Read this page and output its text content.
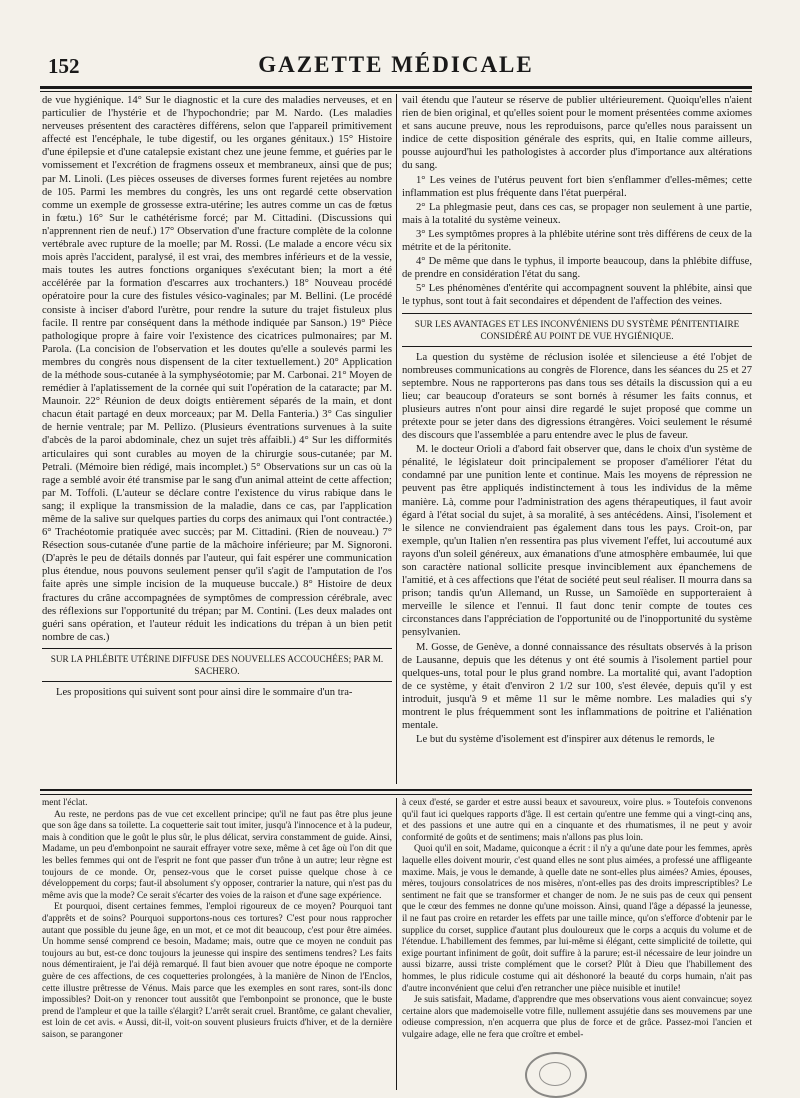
152	GAZETTE MÉDICALE

de vue hygiénique. 14° Sur le diagnostic et la cure des maladies nerveuses, et en particulier de l'hystérie et de l'hypochondrie; par M. Nardo. (Les maladies nerveuses présentent des caractères différens, selon que l'appareil primitivement affecté est l'encéphale, le tube digestif, ou les organes génitaux.) 15° Histoire d'une épilepsie et d'une catalepsie existant chez une jeune femme, et guéries par le vomissement et l'excrétion de fragmens osseux et membraneux, ainsi que de pus; par M. Linoli. (Les pièces osseuses de diverses formes furent rejetées au nombre de 105. Parmi les membres du congrès, les uns ont regardé cette observation comme un exemple de grossesse extra-utérine; les autres comme un cas de fœtus in fœtu.) 16° Sur le cathétérisme forcé; par M. Cittadini. (Discussions qui n'apprennent rien de neuf.) 17° Observation d'une fracture complète de la colonne vertébrale avec rupture de la moelle; par M. Rossi. (Le malade a encore vécu six mois après l'accident, paralysé, il est vrai, des membres inférieurs et de la vessie, mais toutes les autres fonctions organiques s'exécutant bien; la mort a été accélérée par la formation d'escarres aux trochanters.) 18° Nouveau procédé opératoire pour la cure des fistules vésico-vaginales; par M. Bellini. (Le procédé consiste à inciser d'abord l'urètre, pour rendre la suture du trajet fistuleux plus facile. Il rentre par conséquent dans la méthode indiquée par Sanson.) 19° Pièce pathologique propre à faire voir l'existence des cicatrices pulmonaires; par M. Parola. (La concision de l'observation et les doutes qu'elle a soulevés parmi les membres du congrès nous dispensent de la citer textuellement.) 20° Application de la méthode sous-cutanée à la symphyséotomie; par M. Carbonai. 21° Moyen de remédier à l'aplatissement de la cornée qui suit l'opération de la cataracte; par M. Maunoir. 22° Réunion de deux doigts entièrement séparés de la main, et dont chacun était partagé en deux morceaux; par M. Della Fanteria.) 3° Cas singulier de hernie ventrale; par M. Pellizo. (Plusieurs éventrations survenues à la suite d'abcès de la paroi abdominale, chez un sujet très affaibli.) 4° Sur les difformités articulaires qui sont curables au moyen de la chirurgie sous-cutanée; par M. Petrali. (Mémoire bien rédigé, mais incomplet.) 5° Observations sur un cas où la rage a semblé avoir été transmise par le sang d'un animal atteint de cette affection; par M. Toffoli. (L'auteur se déclare contre l'existence du virus rabique dans le sang; il explique la transmission de la maladie, dans ce cas, par l'application même de la salive sur quelques parties du corps des animaux qui l'ont contractée.) 6° Trachéotomie pratiquée avec succès; par M. Cittadini. (Rien de nouveau.) 7° Résection sous-cutanée d'une partie de la mâchoire inférieure; par M. Signoroni. (D'après le peu de détails donnés par l'auteur, qui fait espérer une communication plus étendue, nous pouvons seulement penser qu'il s'agit de l'amputation de l'os faite après une simple incision de la muqueuse buccale.) 8° Histoire de deux fractures du crâne accompagnées de symptômes de compression cérébrale, avec des réflexions sur l'opportunité du trépan; par M. Contini. (Les deux malades ont guéri sans opération, et l'auteur réduit les indications du trépan à un bien petit nombre de cas.)

SUR LA PHLÉBITE UTÉRINE DIFFUSE DES NOUVELLES ACCOUCHÉES; PAR M. SACHERO.

Les propositions qui suivent sont pour ainsi dire le sommaire d'un tra-

vail étendu que l'auteur se réserve de publier ultérieurement. Quoiqu'elles n'aient rien de bien original, et qu'elles soient pour le moment présentées comme axiomes et sans aucune preuve, nous les reproduisons, parce qu'elles nous paraissent un indice de cette disposition générale des esprits, qui, en Italie comme ailleurs, pousse aujourd'hui les pathologistes à accorder plus d'importance aux altérations du sang.

1° Les veines de l'utérus peuvent fort bien s'enflammer d'elles-mêmes; cette inflammation est plus fréquente dans l'état puerpéral.

2° La phlegmasie peut, dans ces cas, se propager non seulement à une partie, mais à la totalité du système veineux.

3° Les symptômes propres à la phlébite utérine sont très différens de ceux de la métrite et de la péritonite.

4° De même que dans le typhus, il importe beaucoup, dans la phlébite diffuse, de prendre en considération l'état du sang.

5° Les phénomènes d'entérite qui accompagnent souvent la phlébite, ainsi que le typhus, sont tout à fait secondaires et dépendent de l'affection des veines.

SUR LES AVANTAGES ET LES INCONVÉNIENS DU SYSTÈME PÉNITENTIAIRE CONSIDÉRÉ AU POINT DE VUE HYGIÉNIQUE.

La question du système de réclusion isolée et silencieuse a été l'objet de nombreuses communications au congrès de Florence, dans les séances du 25 et 27 septembre. Nous ne rapporterons pas dans tous ses détails la discussion qui a eu lieu; car beaucoup d'orateurs se sont bornés à résumer les faits connus, et plusieurs autres n'ont pour ainsi dire regardé le sujet proposé que comme un prétexte pour se jeter dans des digressions étrangères. Voici seulement le résumé des discours que l'assemblée a paru entendre avec le plus de faveur.

M. le docteur Orioli a d'abord fait observer que, dans le choix d'un système de pénalité, le législateur doit principalement se proposer d'améliorer l'état du condamné par une punition lente et continue. Mais les moyens de répression ne peuvent pas être appliqués indistinctement à tous les individus de la même manière. Là, comme pour l'administration des agens thérapeutiques, il faut avoir égard à l'état social du sujet, à sa moralité, à ses antécédens. Ainsi, l'isolement et le silence ne conviendraient pas également dans tous les pays. Croit-on, par exemple, qu'un Italien n'en ressentira pas plus vivement l'effet, lui accoutumé aux rayons d'un soleil généreux, aux émanations d'une atmosphère embaumée, lui que son caractère national sollicite presque invinciblement aux épanchemens de l'amitié, et à ces affections que l'état de société peut seul réaliser. Il mourra dans sa prison; tandis qu'un Allemand, un Russe, un Samoïède en supporteraient à merveille le silence et l'ennui. Il faut donc tenir compte de toutes ces circonstances dans l'appréciation de l'opportunité ou de l'inopportunité du système pensylvanien.

M. Gosse, de Genève, a donné connaissance des résultats observés à la prison de Lausanne, depuis que les détenus y ont été soumis à l'isolement partiel pour quelques-uns, total pour le plus grand nombre. La mortalité qui, avant l'adoption de ce système, y était d'environ 2 1/2 sur 100, s'est élevée, depuis qu'il y est introduit, jusqu'à 9 et même 11 sur le même nombre. Les maladies qui s'y montrent le plus fréquemment sont les inflammations de poitrine et l'aliénation mentale.

Le but du système d'isolement est d'inspirer aux détenus le remords, le

ment l'éclat.

Au reste, ne perdons pas de vue cet excellent principe; qu'il ne faut pas être plus jeune que son âge dans sa toilette. La coquetterie sait tout imiter, jusqu'à l'innocence et à la pudeur, mais à condition que le goût le plus sûr, le plus délicat, servira constamment de guide. Ainsi, Madame, un peu d'embonpoint ne saurait effrayer votre sexe, même à cet âge où l'on dit que les belles femmes qui ont de l'esprit ne font que passer d'un trône à un autre; leur règne est toujours de ce monde. Or, pensez-vous que le corset puisse quelque chose à ce développement du corps; faut-il absolument s'y opposer, contrarier la nature, qui n'est pas du même avis que la mode? Ce serait s'écarter des voies de la raison et d'une sage expérience.

Et pourquoi, disent certaines femmes, l'emploi rigoureux de ce moyen? Pourquoi tant d'apprêts et de soins? Pourquoi supportons-nous ces tortures? C'est pour nous rapprocher autant que possible du jeune âge, en un mot, et ce mot dit beaucoup, c'est pour être aimées. Un homme sensé comprend ce besoin, Madame; mais, outre que ce moyen ne conduit pas toujours au but, est-ce donc toujours la jeunesse qui inspire des sentimens tendres? Les faits nous démentiraient, je l'ai déjà remarqué. Il faut bien avouer que notre époque ne comporte guère de ces affections, de ces coquetteries prolongées, à la manière de Ninon de l'Enclos, cette illustre prêtresse de Vénus. Mais parce que les exemples en sont rares, sont-ils donc impossibles? Doit-on y renoncer tout aussitôt que l'embonpoint se prononce, que le buste prend de l'ampleur et que la taille s'élargit? L'arrêt serait cruel. Brantôme, ce galant chevalier, est loin de cet avis. « Aussi, dit-il, voit-on souvent plusieurs fruicts d'hiver, et de la dernière saison, se parangoner

à ceux d'esté, se garder et estre aussi beaux et savoureux, voire plus. » Toutefois convenons qu'il faut ici quelques rapports d'âge. Il est certain qu'entre une femme qui a vingt-cinq ans, et des passions et une autre qui en a cinquante et des rhumatismes, il ne peut y avoir conformité de goûts et de sentimens; mais n'allons pas plus loin.

Quoi qu'il en soit, Madame, quiconque a écrit : il n'y a qu'une date pour les femmes, après laquelle elles doivent mourir, c'est quand elles ne sont plus aimées, a professé une affligeante maxime. Mais, je vous le demande, à quelle date ne sont-elles plus aimées? Amies, épouses, mères, toujours consolatrices de nos misères, n'ont-elles pas des droits imprescriptibles? Le sentiment ne fait que se transformer et changer de nom. Je ne suis pas de ceux qui pensent que le cœur des femmes ne donne qu'une moisson. Ainsi, quand l'âge a dépassé la jeunesse, il ne faut pas croire en retarder les effets par une taille mince, qu'on s'efforce d'obtenir par le supplice du corset, supplice d'autant plus douloureux que le corps a acquis du volume et de l'étendue. L'habillement des femmes, par lui-même si élégant, cette simplicité de toilette, qui exige pourtant infiniment de goût, doit suffire à la parure; est-il nécessaire de leur joindre un aussi bizarre, aussi triste complément que le corset? Plût à Dieu que l'habillement des hommes, le plus ridicule costume qui ait déshonoré la beauté du corps humain, n'ait pas d'autre inconvénient que celui d'en retrancher une pièce nuisible et inutile!

Je suis satisfait, Madame, d'apprendre que mes observations vous aient convaincue; soyez certaine alors que mademoiselle votre fille, nullement assujétie dans ses mouvemens par une odieuse compression, n'en acquerra que plus de force et de grâce. Passez-moi l'ancien et vulgaire adage, elle ne fera que croître et embel-
